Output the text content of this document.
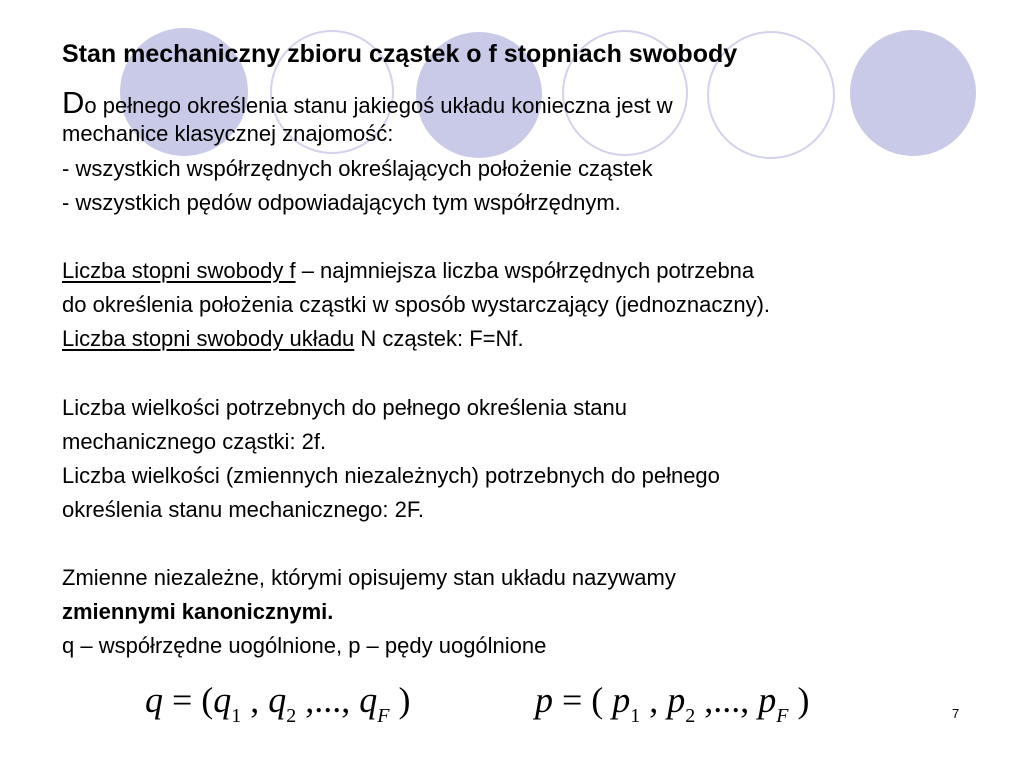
Stan mechaniczny zbioru cząstek o f stopniach swobody

Do pełnego określenia stanu jakiegoś układu konieczna jest w

mechanice klasycznej znajomość:

- wszystkich współrzędnych określających położenie cząstek

- wszystkich pędów odpowiadających tym współrzędnym.

Liczba stopni swobody f – najmniejsza liczba współrzędnych potrzebna

do określenia położenia cząstki w sposób wystarczający (jednoznaczny).

Liczba stopni swobody układu N cząstek: F=Nf.

Liczba wielkości potrzebnych do pełnego określenia stanu

mechanicznego cząstki: 2f.

Liczba wielkości (zmiennych niezależnych) potrzebnych do pełnego

określenia stanu mechanicznego: 2F.

Zmienne niezależne, którymi opisujemy stan układu nazywamy

zmiennymi kanonicznymi.

q – współrzędne uogólnione, p – pędy uogólnione

$q = (q_1$ , $q_2$ ,..., $q_F$ )	p = ( $p_1$ , $p_2$ ,..., $p_F$ )	7
